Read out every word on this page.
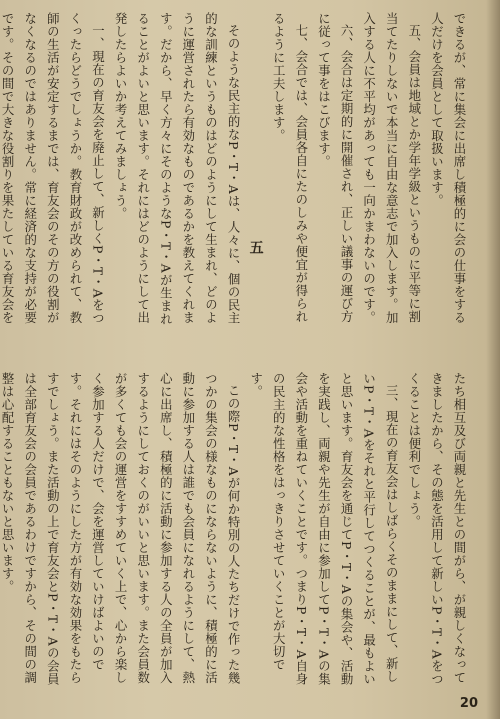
できるが、常に集会に出席し積極的に会の仕事をする人だけを会員として取扱います。

五、会員は地域とか学年学級というものに平等に割当てたりしないで本当に自由な意志で加入します。加入する人に不平均があっても一向かまわないのです。

六、会合は定期的に開催され、正しい議事の運び方に従って事をはこびます。

七、会合では、会員各自にたのしみや便宜が得られるように工夫します。

五

そのような民主的なP・T・Aは、人々に、個の民主的な訓練というものはどのようにして生まれ、どのように運営されたら有効なものであるかを教えてくれます。だから、早く方々にそのようなP・T・Aが生まれることがよいと思います。それにはどのようにして出発したらよいか考えてみましょう。

一、現在の育友会を廃止して、新しくP・T・Aをつくったらどうでしょうか。教育財政が改められて、教師の生活が安定するまでは、育友会のその方の役割がなくなるのではありません。常に経済的な支持が必要です。その間で大きな役割りを果たしている育友会を

たち相互及び両親と先生との間がら、が親しくなってきましたから、その態を活用して新しいP・T・Aをつくることは便利でしょう。

三、現在の育友会はしばらくそのままにして、新しいP・T・Aをそれと平行してつくることが、最もよいと思います。育友会を通じてP・T・Aの集会や、活動を実践し、両親や先生が自由に参加してP・T・Aの集会や活動を重ねていくことです。つまりP・T・A自身の民主的な性格をはっきりさせていくことが大切です。

この際P・T・Aが何か特別の人たちだけで作った幾つかの集会の様なものにならないように、積極的に活動に参加する人は誰でも会員になれるようにして、熱心に出席し、積極的に活動に参加する人の全員が加入するようにしておくのがいいと思います。また会員数が多くても会の運営をすすめていく上で、心から楽しく参加する人だけで、会を運営していけばよいのです。それにはそのようにした方が有効な効果をもたらすでしょう。また活動の上で育友会とP・T・Aの会員は全部育友会の会員であるわけですから、その間の調整は心配することもないと思います。

20
